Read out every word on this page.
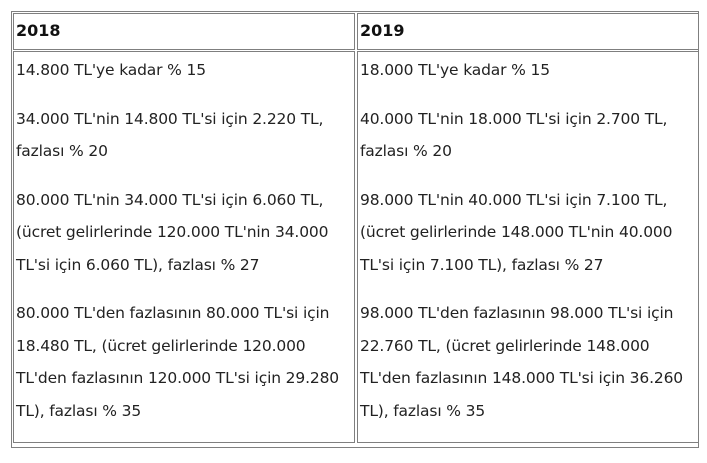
2018	2019

14.800 TL'ye kadar % 15

34.000 TL'nin 14.800 TL'si için 2.220 TL, fazlası % 20

80.000 TL'nin 34.000 TL'si için 6.060 TL, (ücret gelirlerinde 120.000 TL'nin 34.000 TL'si için 6.060 TL), fazlası % 27

80.000 TL'den fazlasının 80.000 TL'si için 18.480 TL, (ücret gelirlerinde 120.000 TL'den fazlasının 120.000 TL'si için 29.280 TL), fazlası % 35

18.000 TL'ye kadar % 15

40.000 TL'nin 18.000 TL'si için 2.700 TL, fazlası % 20

98.000 TL'nin 40.000 TL'si için 7.100 TL, (ücret gelirlerinde 148.000 TL'nin 40.000 TL'si için 7.100 TL), fazlası % 27

98.000 TL'den fazlasının 98.000 TL'si için 22.760 TL, (ücret gelirlerinde 148.000 TL'den fazlasının 148.000 TL'si için 36.260 TL), fazlası % 35
